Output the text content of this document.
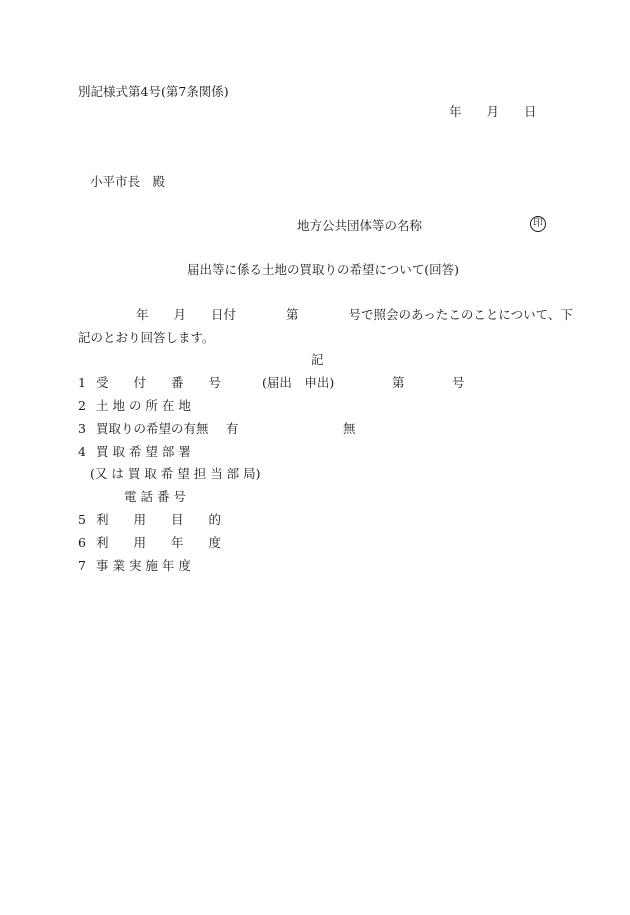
別記様式第4号(第7条関係)
年　　月　　日
小平市長　殿
地方公共団体等の名称	印
届出等に係る土地の買取りの希望について(回答)
年　　月　　日付　　　　第　　　　号で照会のあったこのことについて、下
記のとおり回答します。
記
1 受　　付　　番　　号	(届出　申出)	第	号
2 土 地 の 所 在 地
3 買取りの希望の有無 有	無
4 買 取 希 望 部 署
(又 は 買 取 希 望 担 当 部 局)
電 話 番 号
5 利　　用　　目　　的
6 利　　用　　年　　度
7 事 業 実 施 年 度
